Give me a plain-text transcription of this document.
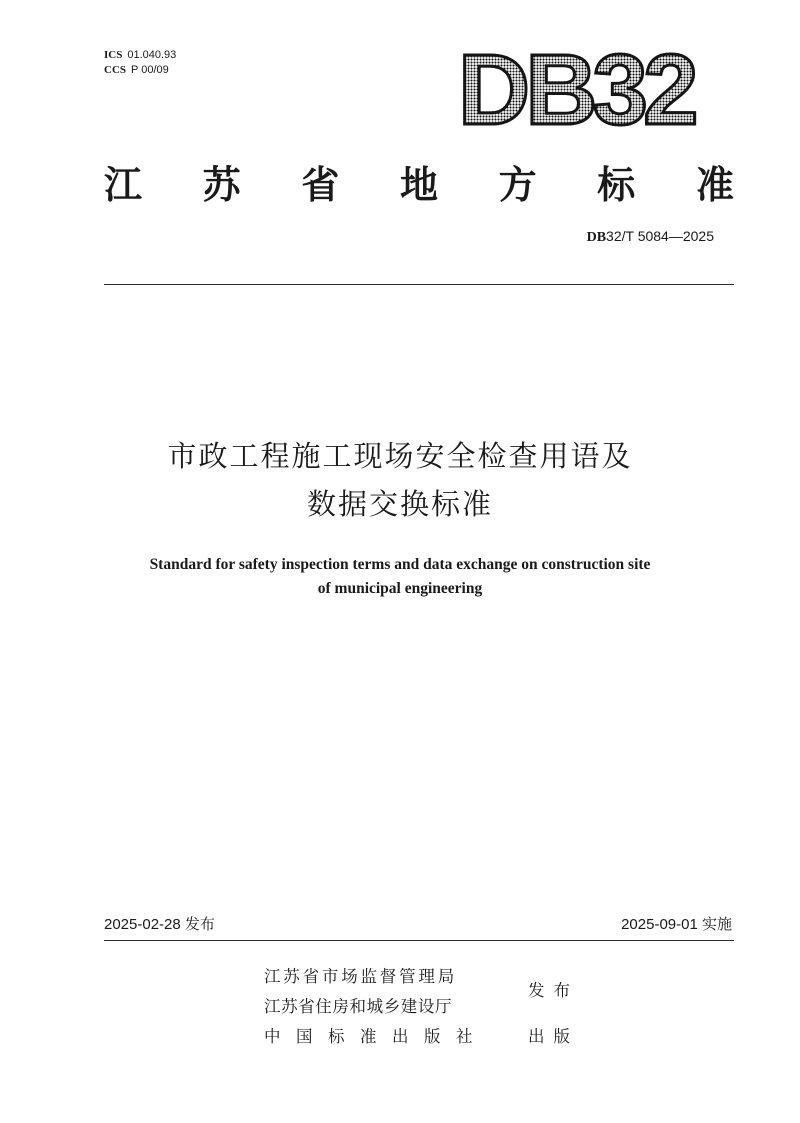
ICS 01.040.93
CCS P 00/09	DB32
江 苏 省 地 方 标 准
DB32/T 5084—2025
市政工程施工现场安全检查用语及
数据交换标准
Standard for safety inspection terms and data exchange on construction site
of municipal engineering
2025-02-28 发布	2025-09-01 实施
江苏省市场监督管理局
江苏省住房和城乡建设厅
中国标准出版社
发布
出版
